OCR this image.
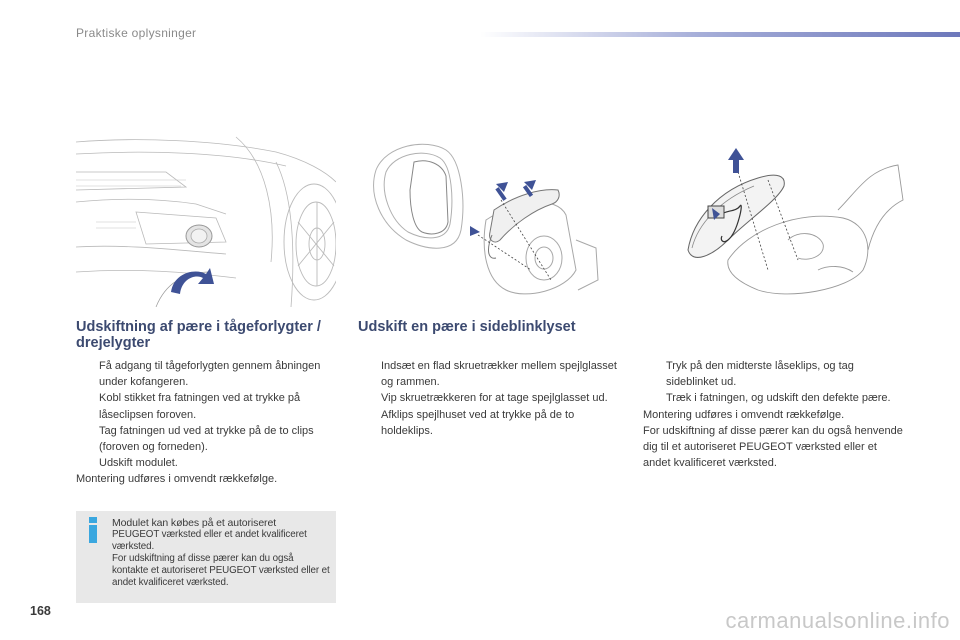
Praktiske oplysninger
Udskiftning af pære i tågeforlygter / drejelygter
Få adgang til tågeforlygten gennem åbningen under kofangeren.
Kobl stikket fra fatningen ved at trykke på låseclipsen foroven.
Tag fatningen ud ved at trykke på de to clips (foroven og forneden).
Udskift modulet.
Montering udføres i omvendt rækkefølge.
Modulet kan købes på et autoriseret
PEUGEOT værksted eller et andet kvalificeret værksted.
For udskiftning af disse pærer kan du også kontakte et autoriseret PEUGEOT værksted eller et andet kvalificeret værksted.
Udskift en pære i sideblinklyset
Indsæt en flad skruetrækker mellem spejlglasset og rammen.
Vip skruetrækkeren for at tage spejlglasset ud.
Afklips spejlhuset ved at trykke på de to holdeklips.
Tryk på den midterste låseklips, og tag sideblinket ud.
Træk i fatningen, og udskift den defekte pære.
Montering udføres i omvendt rækkefølge.
For udskiftning af disse pærer kan du også henvende dig til et autoriseret PEUGEOT værksted eller et andet kvalificeret værksted.
168	carmanualsonline.info
